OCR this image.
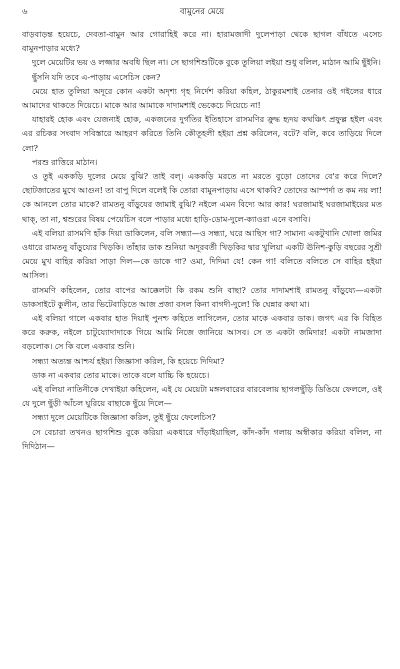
৬	বামুনের মেয়ে

বাড়বাড়ন্ত হয়েচে, দেবতা-বামুন আর গোরাহিই করে না। হারামজাদী দুলেপাড়া থেকে ছাগল বাঁধতে এসেচ বামুনপাড়ার মধ্যে?

দুলে মেয়েটির ভয় ও লজ্জার অবধি ছিল না। সে ছাগশিশুটিকে বুকে তুলিয়া লইয়া শুধু বলিল, মাঠান আমি ছুঁইনি।

ছুঁসনি যদি তবে এ-পাড়ায় এসেচিস কেন?

মেয়ে হাত তুলিয়া অদূরে কোন একটা অদৃশ্য গৃহ নির্দেশ করিয়া কহিল, ঠাকুরমশাই তেনার ওই গইলের ধারে আমাদের থাকতে দিয়েচে। মাকে আর আমাকে দাদামশাই ভেকেচে দিয়েচে না!

যাহারই হোক এবং যেজন্যই হোক, একজনের দুর্গতির ইতিহাসে রাসমণির ক্রুদ্ধ হৃদয় কথঞ্চিৎ প্রফুল্ল হইল এবং এর রচিকর সংবাদ সবিস্তারে আহরণ করিতে তিনি কৌতূহলী হইয়া প্রশ্ন করিলেন, বটে? বলি, কবে তাড়িয়ে দিলে লো?

পরশু রাত্তিরে মাঠান।

ও তুই এককড়ি দুলের মেয়ে বুঝি? তাই বল্। এককড়ি মরতে না মরতে বুড়ো তোদের বে'র করে দিলে? ছোটজাতের মুখে আগুন! তা বাপু দিলে বলেই কি তোরা বামুনপাড়ায় এসে থাকবি? তোদের আস্পর্দা ত কম নয় লা! কে আনলে তোর মাকে? রামতনু বাঁড়ুযের জামাই বুঝি? নইলে এমন বিদ্যে আর কার! ঘরজামাই ঘরজামাইয়ের মত থাক্, তা না, শ্বশুরের বিষয় পেয়েচিস বলে পাড়ার মধ্যে হাড়ি-ডোম-দুলে-ক্যাওরা এনে বসাবি।

এই বলিয়া রাসমণি হাঁক দিয়া ডাকিলেন, বলি সন্ধ্যা—ও সন্ধ্যা, ঘরে আছিস গা? সামান্য একটুখানি খোলা জমির ওধারে রামতনু বাঁড়ুয্যের খিড়কি। তাঁহার ডাক শুনিয়া অদূরবর্তী খিড়কির দ্বার খুলিয়া একটি ঊনিশ-কুড়ি বছরের সুশ্রী মেয়ে মুখ বাহির করিয়া সাড়া দিল—কে ডাকে গা? ওমা, দিদিমা যে! কেন গা! বলিতে বলিতে সে বাহির হইয়া আসিল।

রাসমণি কহিলেন, তোর বাপের আক্কেলটা কি রকম শুনি বাছা? তোর দাদামশাই রামতনু বাঁড়ুয্যে—একটা ডাকসাইটে কুলীন, তার ভিটেবাড়িতে আজ প্রজা বসল কিনা বাগদী-দুলে! কি ঘেন্নার কথা মা।

এই বলিয়া গালে একবার হাত দিয়াই পুনশ্চ কহিতে লাগিলেন, তোর মাকে একবার ডাক। জগৎ এর কি বিহিত করে করুক, নইলে চাটুয্যোদাদাকে গিয়ে আমি নিজে জানিয়ে আসব। সে ত একটা জমিদার! একটা নামজাদা বড়লোক। সে কি বলে একবার শুনি।

সন্ধ্যা অত্যন্ত আশ্চর্য হইয়া জিজ্ঞাসা করিল, কি হয়েচে দিদিমা?

ডাক না একবার তোর মাকে। তাকে বলে যাচ্চি কি হয়েচে।

এই বলিয়া নাতিনীকে দেখাইয়া কহিলেন, এই যে মেয়েটা মঙ্গলবারের বারবেলায় ছাগলছুঁড়ি ডিঙিয়ে ফেললে, ওই যে দুলে ছুঁড়ী আঁচল ঘুরিয়ে বাছাকে ছুঁয়ে দিলে—

সন্ধ্যা দুলে মেয়েটিকে জিজ্ঞাসা করিল, তুই ছুঁয়ে ফেলেচিস?

সে বেচারা তখনও ছাগশিশু বুকে করিয়া একধারে দাঁড়াইয়াছিল, কাঁদ-কাঁদ গলায় অস্বীকার করিয়া বলিল, না দিদিঠান—
